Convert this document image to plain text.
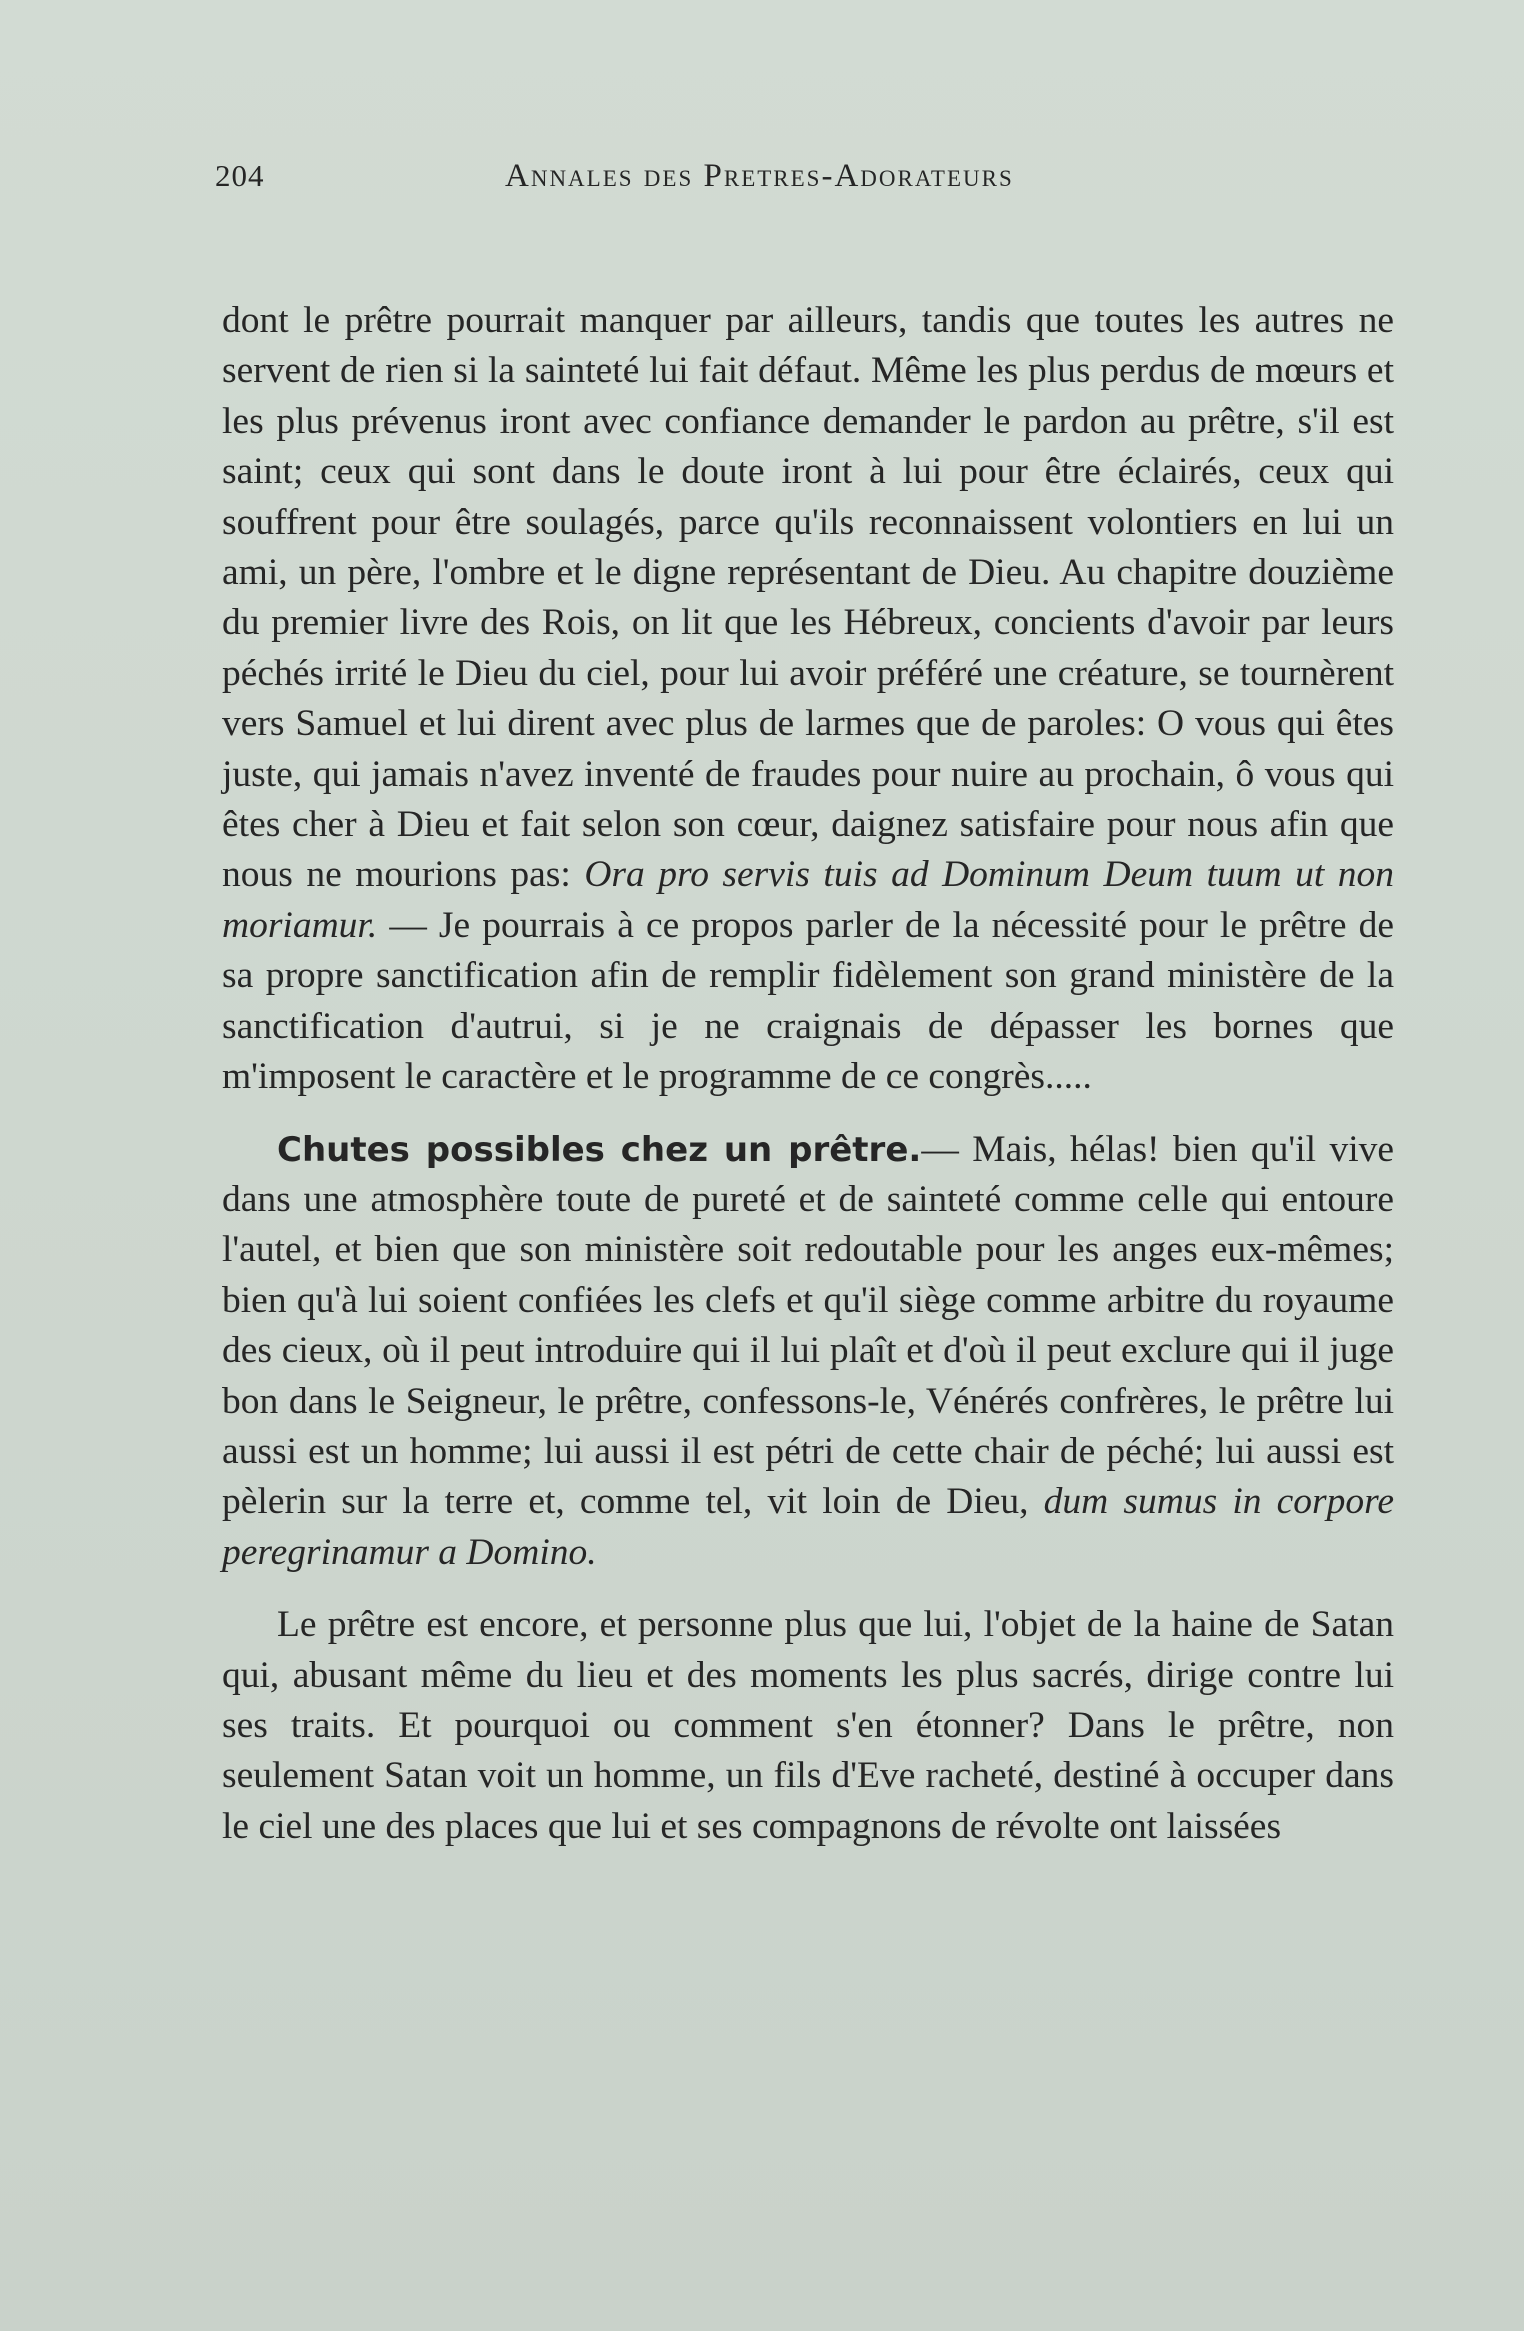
204	Annales des Pretres-Adorateurs

dont le prêtre pourrait manquer par ailleurs, tandis que toutes les autres ne servent de rien si la sainteté lui fait défaut. Même les plus perdus de mœurs et les plus prévenus iront avec confiance demander le pardon au prêtre, s'il est saint; ceux qui sont dans le doute iront à lui pour être éclairés, ceux qui souffrent pour être soulagés, parce qu'ils reconnaissent volontiers en lui un ami, un père, l'ombre et le digne représentant de Dieu. Au chapitre douzième du premier livre des Rois, on lit que les Hébreux, concients d'avoir par leurs péchés irrité le Dieu du ciel, pour lui avoir préféré une créature, se tournèrent vers Samuel et lui dirent avec plus de larmes que de paroles: O vous qui êtes juste, qui jamais n'avez inventé de fraudes pour nuire au prochain, ô vous qui êtes cher à Dieu et fait selon son cœur, daignez satisfaire pour nous afin que nous ne mourions pas: Ora pro servis tuis ad Dominum Deum tuum ut non moriamur. — Je pourrais à ce propos parler de la nécessité pour le prêtre de sa propre sanctification afin de remplir fidèlement son grand ministère de la sanctification d'autrui, si je ne craignais de dépasser les bornes que m'imposent le caractère et le programme de ce congrès.....

Chutes possibles chez un prêtre.— Mais, hélas! bien qu'il vive dans une atmosphère toute de pureté et de sainteté comme celle qui entoure l'autel, et bien que son ministère soit redoutable pour les anges eux-mêmes; bien qu'à lui soient confiées les clefs et qu'il siège comme arbitre du royaume des cieux, où il peut introduire qui il lui plaît et d'où il peut exclure qui il juge bon dans le Seigneur, le prêtre, confessons-le, Vénérés confrères, le prêtre lui aussi est un homme; lui aussi il est pétri de cette chair de péché; lui aussi est pèlerin sur la terre et, comme tel, vit loin de Dieu, dum sumus in corpore peregrinamur a Domino.

Le prêtre est encore, et personne plus que lui, l'objet de la haine de Satan qui, abusant même du lieu et des moments les plus sacrés, dirige contre lui ses traits. Et pourquoi ou comment s'en étonner? Dans le prêtre, non seulement Satan voit un homme, un fils d'Eve racheté, destiné à occuper dans le ciel une des places que lui et ses compagnons de révolte ont laissées
